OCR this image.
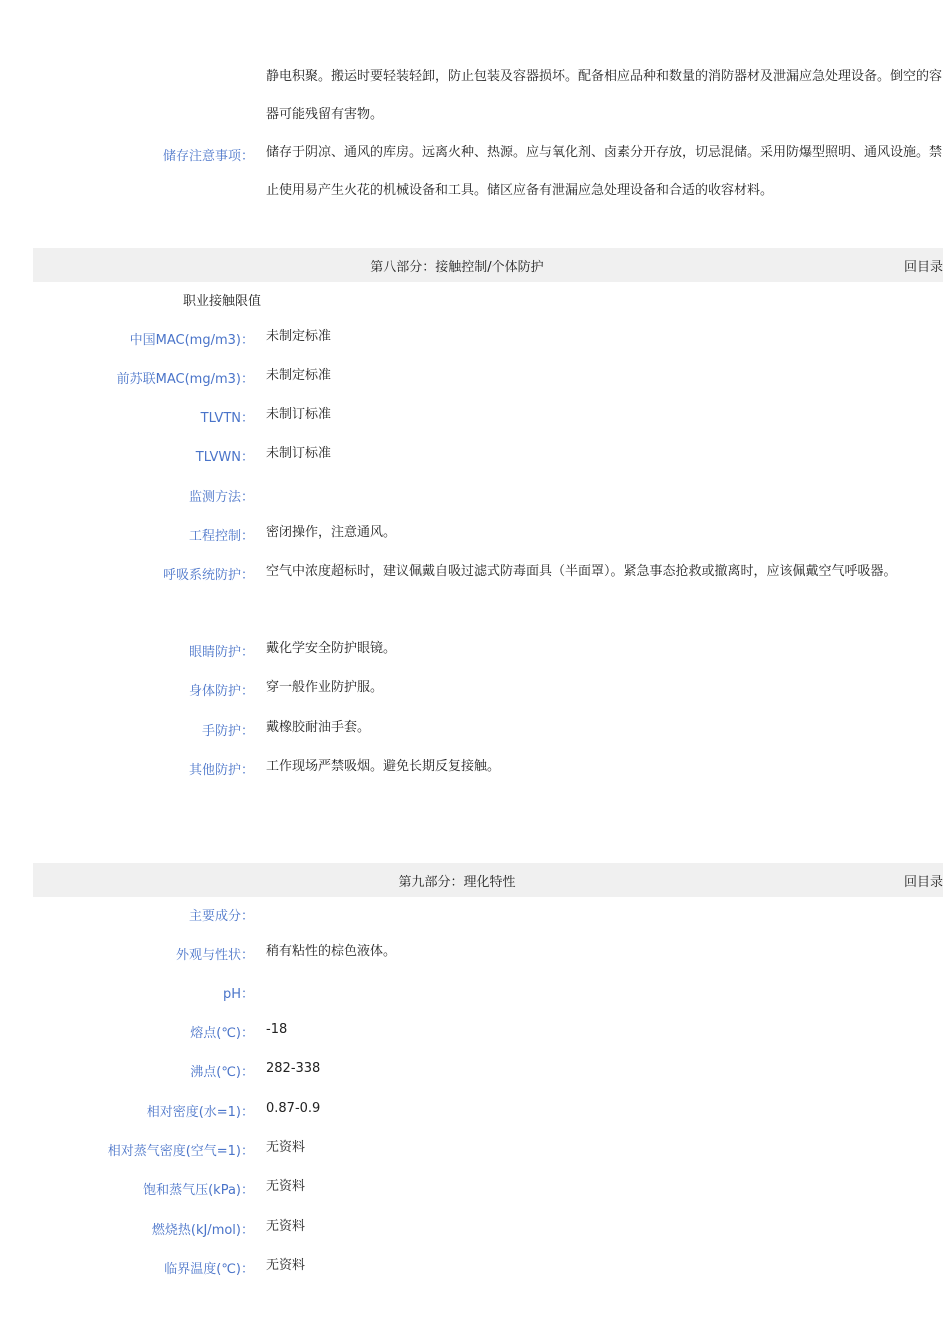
静电积聚。搬运时要轻装轻卸，防止包装及容器损坏。配备相应品种和数量的消防器材及泄漏应急处理设备。倒空的容器可能残留有害物。
储存注意事项： 储存于阴凉、通风的库房。远离火种、热源。应与氧化剂、卤素分开存放，切忌混储。采用防爆型照明、通风设施。禁止使用易产生火花的机械设备和工具。储区应备有泄漏应急处理设备和合适的收容材料。
第八部分：接触控制/个体防护	回目录
职业接触限值
中国MAC(mg/m3)： 未制定标准
前苏联MAC(mg/m3)： 未制定标准
TLVTN： 未制订标准
TLVWN： 未制订标准
监测方法：
工程控制： 密闭操作，注意通风。
呼吸系统防护： 空气中浓度超标时，建议佩戴自吸过滤式防毒面具（半面罩）。紧急事态抢救或撤离时，应该佩戴空气呼吸器。
眼睛防护： 戴化学安全防护眼镜。
身体防护： 穿一般作业防护服。
手防护： 戴橡胶耐油手套。
其他防护： 工作现场严禁吸烟。避免长期反复接触。
第九部分：理化特性	回目录
主要成分：
外观与性状： 稍有粘性的棕色液体。
pH：
熔点(℃)： -18
沸点(℃)： 282-338
相对密度(水=1)： 0.87-0.9
相对蒸气密度(空气=1)： 无资料
饱和蒸气压(kPa)： 无资料
燃烧热(kJ/mol)： 无资料
临界温度(℃)： 无资料
